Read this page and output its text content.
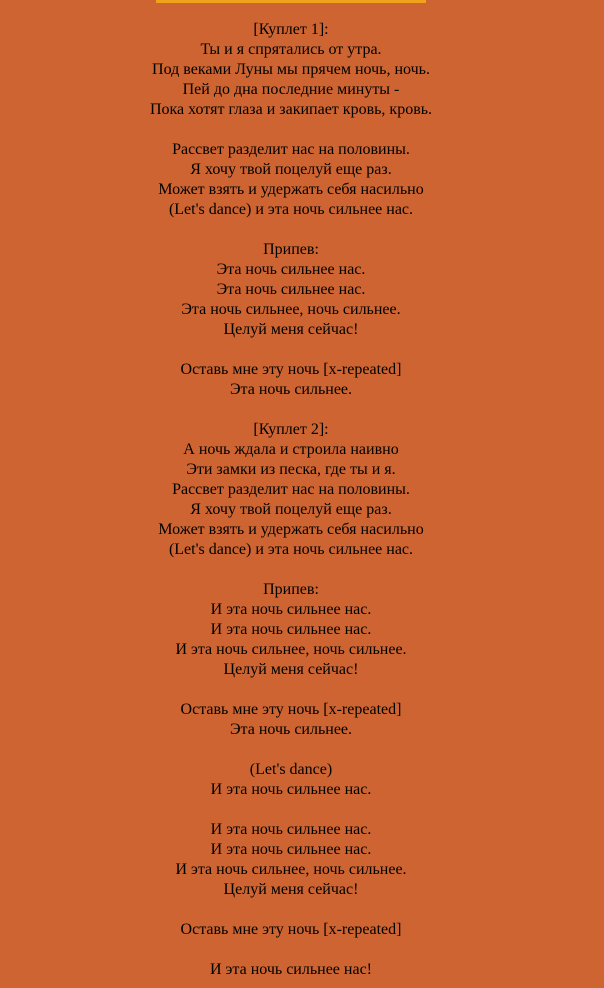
[Куплет 1]:
Ты и я спрятались от утра.
Под веками Луны мы прячем ночь, ночь.
Пей до дна последние минуты -
Пока хотят глаза и закипает кровь, кровь.
Рассвет разделит нас на половины.
Я хочу твой поцелуй еще раз.
Может взять и удержать себя насильно
(Let's dance) и эта ночь сильнее нас.
Припев:
Эта ночь сильнее нас.
Эта ночь сильнее нас.
Эта ночь сильнее, ночь сильнее.
Целуй меня сейчас!
Оставь мне эту ночь [x-repeated]
Эта ночь сильнее.
[Куплет 2]:
А ночь ждала и строила наивно
Эти замки из песка, где ты и я.
Рассвет разделит нас на половины.
Я хочу твой поцелуй еще раз.
Может взять и удержать себя насильно
(Let's dance) и эта ночь сильнее нас.
Припев:
И эта ночь сильнее нас.
И эта ночь сильнее нас.
И эта ночь сильнее, ночь сильнее.
Целуй меня сейчас!
Оставь мне эту ночь [x-repeated]
Эта ночь сильнее.
(Let's dance)
И эта ночь сильнее нас.
И эта ночь сильнее нас.
И эта ночь сильнее нас.
И эта ночь сильнее, ночь сильнее.
Целуй меня сейчас!
Оставь мне эту ночь [x-repeated]
И эта ночь сильнее нас!
